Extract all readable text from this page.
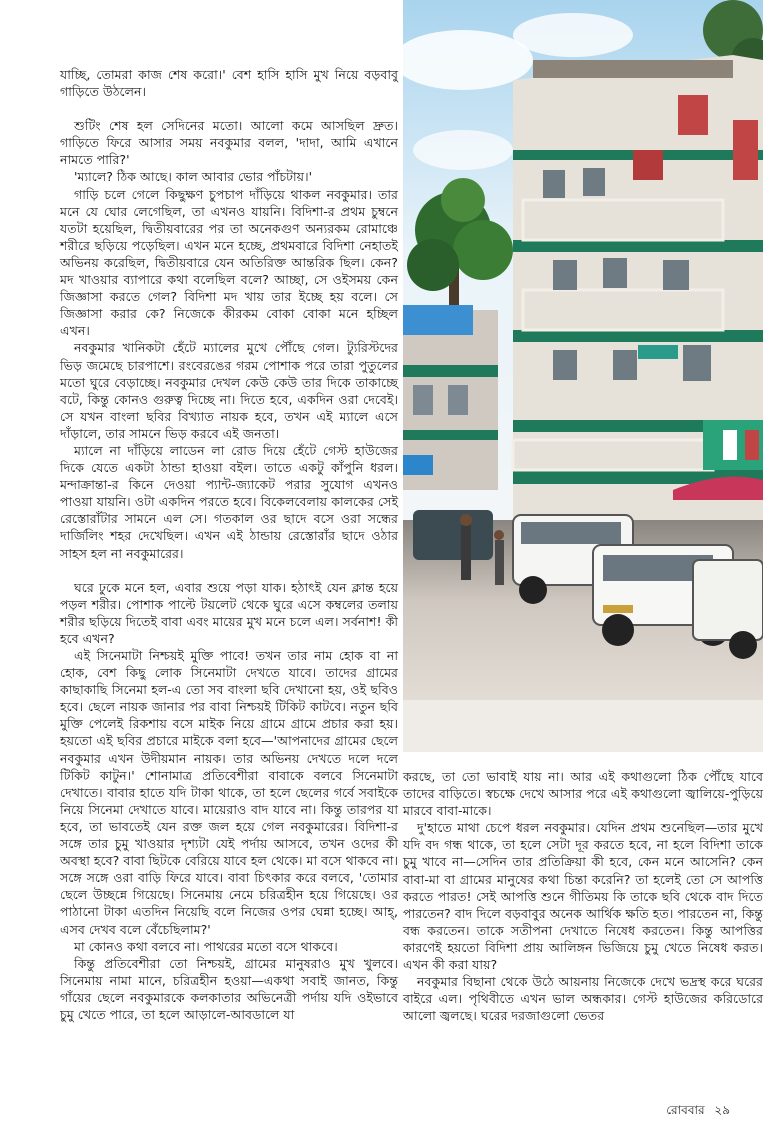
যাচ্ছি, তোমরা কাজ শেষ করো।' বেশ হাসি হাসি মুখ নিয়ে বড়বাবু গাড়িতে উঠলেন।

শুটিং শেষ হল সেদিনের মতো। আলো কমে আসছিল দ্রুত। গাড়িতে ফিরে আসার সময় নবকুমার বলল, 'দাদা, আমি এখানে নামতে পারি?'

'ম্যালে? ঠিক আছে। কাল আবার ভোর পাঁচটায়।'

গাড়ি চলে গেলে কিছুক্ষণ চুপচাপ দাঁড়িয়ে থাকল নবকুমার। তার মনে যে ঘোর লেগেছিল, তা এখনও যায়নি। বিদিশা-র প্রথম চুম্বনে যতটা হয়েছিল, দ্বিতীয়বারের পর তা অনেকগুণ অন্যরকম রোমাঞ্চে শরীরে ছড়িয়ে পড়েছিল। এখন মনে হচ্ছে, প্রথমবারে বিদিশা নেহাতই অভিনয় করেছিল, দ্বিতীয়বারে যেন অতিরিক্ত আন্তরিক ছিল। কেন? মদ খাওয়ার ব্যাপারে কথা বলেছিল বলে? আচ্ছা, সে ওইসময় কেন জিজ্ঞাসা করতে গেল? বিদিশা মদ খায় তার ইচ্ছে হয় বলে। সে জিজ্ঞাসা করার কে? নিজেকে কীরকম বোকা বোকা মনে হচ্ছিল এখন।

নবকুমার খানিকটা হেঁটে ম্যালের মুখে পৌঁছে গেল। ট্যুরিস্টদের ভিড় জমেছে চারপাশে। রংবেরঙের গরম পোশাক পরে তারা পুতুলের মতো ঘুরে বেড়াচ্ছে। নবকুমার দেখল কেউ কেউ তার দিকে তাকাচ্ছে বটে, কিন্তু কোনও গুরুত্ব দিচ্ছে না। দিতে হবে, একদিন ওরা দেবেই। সে যখন বাংলা ছবির বিখ্যাত নায়ক হবে, তখন এই ম্যালে এসে দাঁড়ালে, তার সামনে ভিড় করবে এই জনতা।

ম্যালে না দাঁড়িয়ে লাডেন লা রোড দিয়ে হেঁটে গেস্ট হাউজের দিকে যেতে একটা ঠান্ডা হাওয়া বইল। তাতে একটু কাঁপুনি ধরল। মন্দাক্রান্তা-র কিনে দেওয়া প্যান্ট-জ্যাকেট পরার সুযোগ এখনও পাওয়া যায়নি। ওটা একদিন পরতে হবে। বিকেলবেলায় কালকের সেই রেস্তোরাঁটার সামনে এল সে। গতকাল ওর ছাদে বসে ওরা সন্ধের দার্জিলিং শহর দেখেছিল। এখন এই ঠান্ডায় রেস্তোরাঁর ছাদে ওঠার সাহস হল না নবকুমারের।

ঘরে ঢুকে মনে হল, এবার শুয়ে পড়া যাক। হঠাৎই যেন ক্লান্ত হয়ে পড়ল শরীর। পোশাক পাল্টে টয়লেট থেকে ঘুরে এসে কম্বলের তলায় শরীর ছড়িয়ে দিতেই বাবা এবং মায়ের মুখ মনে চলে এল। সর্বনাশ! কী হবে এখন?

এই সিনেমাটা নিশ্চয়ই মুক্তি পাবে! তখন তার নাম হোক বা না হোক, বেশ কিছু লোক সিনেমাটা দেখতে যাবে। তাদের গ্রামের কাছাকাছি সিনেমা হল-এ তো সব বাংলা ছবি দেখানো হয়, ওই ছবিও হবে। ছেলে নায়ক জানার পর বাবা নিশ্চয়ই টিকিট কাটবে। নতুন ছবি মুক্তি পেলেই রিকশায় বসে মাইক নিয়ে গ্রামে গ্রামে প্রচার করা হয়। হয়তো এই ছবির প্রচারে মাইকে বলা হবে—'আপনাদের গ্রামের ছেলে নবকুমার এখন উদীয়মান নায়ক। তার অভিনয় দেখতে দলে দলে টিকিট কাটুন।' শোনামাত্র প্রতিবেশীরা বাবাকে বলবে সিনেমাটা দেখাতে। বাবার হাতে যদি টাকা থাকে, তা হলে ছেলের গর্বে সবাইকে নিয়ে সিনেমা দেখাতে যাবে। মায়েরাও বাদ যাবে না। কিন্তু তারপর যা হবে, তা ভাবতেই যেন রক্ত জল হয়ে গেল নবকুমারের। বিদিশা-র সঙ্গে তার চুমু খাওয়ার দৃশ্যটা যেই পর্দায় আসবে, তখন ওদের কী অবস্থা হবে? বাবা ছিটকে বেরিয়ে যাবে হল থেকে। মা বসে থাকবে না। সঙ্গে সঙ্গে ওরা বাড়ি ফিরে যাবে। বাবা চিৎকার করে বলবে, 'তোমার ছেলে উচ্ছন্নে গিয়েছে। সিনেমায় নেমে চরিত্রহীন হয়ে গিয়েছে। ওর পাঠানো টাকা এতদিন নিয়েছি বলে নিজের ওপর ঘেন্না হচ্ছে। আহ্, এসব দেখব বলে বেঁচেছিলাম?'

মা কোনও কথা বলবে না। পাথরের মতো বসে থাকবে।

কিন্তু প্রতিবেশীরা তো নিশ্চয়ই, গ্রামের মানুষরাও মুখ খুলবে। সিনেমায় নামা মানে, চরিত্রহীন হওয়া—একথা সবাই জানত, কিন্তু গাঁয়ের ছেলে নবকুমারকে কলকাতার অভিনেত্রী পর্দায় যদি ওইভাবে চুমু খেতে পারে, তা হলে আড়ালে-আবডালে যা

করছে, তা তো ভাবাই যায় না। আর এই কথাগুলো ঠিক পৌঁছে যাবে তাদের বাড়িতে। স্বচক্ষে দেখে আসার পরে এই কথাগুলো জ্বালিয়ে-পুড়িয়ে মারবে বাবা-মাকে।

দু'হাতে মাথা চেপে ধরল নবকুমার। যেদিন প্রথম শুনেছিল—তার মুখে যদি বদ গন্ধ থাকে, তা হলে সেটা দূর করতে হবে, না হলে বিদিশা তাকে চুমু খাবে না—সেদিন তার প্রতিক্রিয়া কী হবে, কেন মনে আসেনি? কেন বাবা-মা বা গ্রামের মানুষের কথা চিন্তা করেনি? তা হলেই তো সে আপত্তি করতে পারত! সেই আপত্তি শুনে গীতিময় কি তাকে ছবি থেকে বাদ দিতে পারতেন? বাদ দিলে বড়বাবুর অনেক আর্থিক ক্ষতি হত। পারতেন না, কিন্তু বন্ধ করতেন। তাকে সতীপনা দেখাতে নিষেধ করতেন। কিন্তু আপত্তির কারণেই হয়তো বিদিশা প্রায় আলিঙ্গন ভিজিয়ে চুমু খেতে নিষেধ করত। এখন কী করা যায়?

নবকুমার বিছানা থেকে উঠে আয়নায় নিজেকে দেখে ভদ্রস্থ করে ঘরের বাইরে এল। পৃথিবীতে এখন ভাল অন্ধকার। গেস্ট হাউজের করিডোরে আলো জ্বলছে। ঘরের দরজাগুলো ভেতর

রোববার ২৯
